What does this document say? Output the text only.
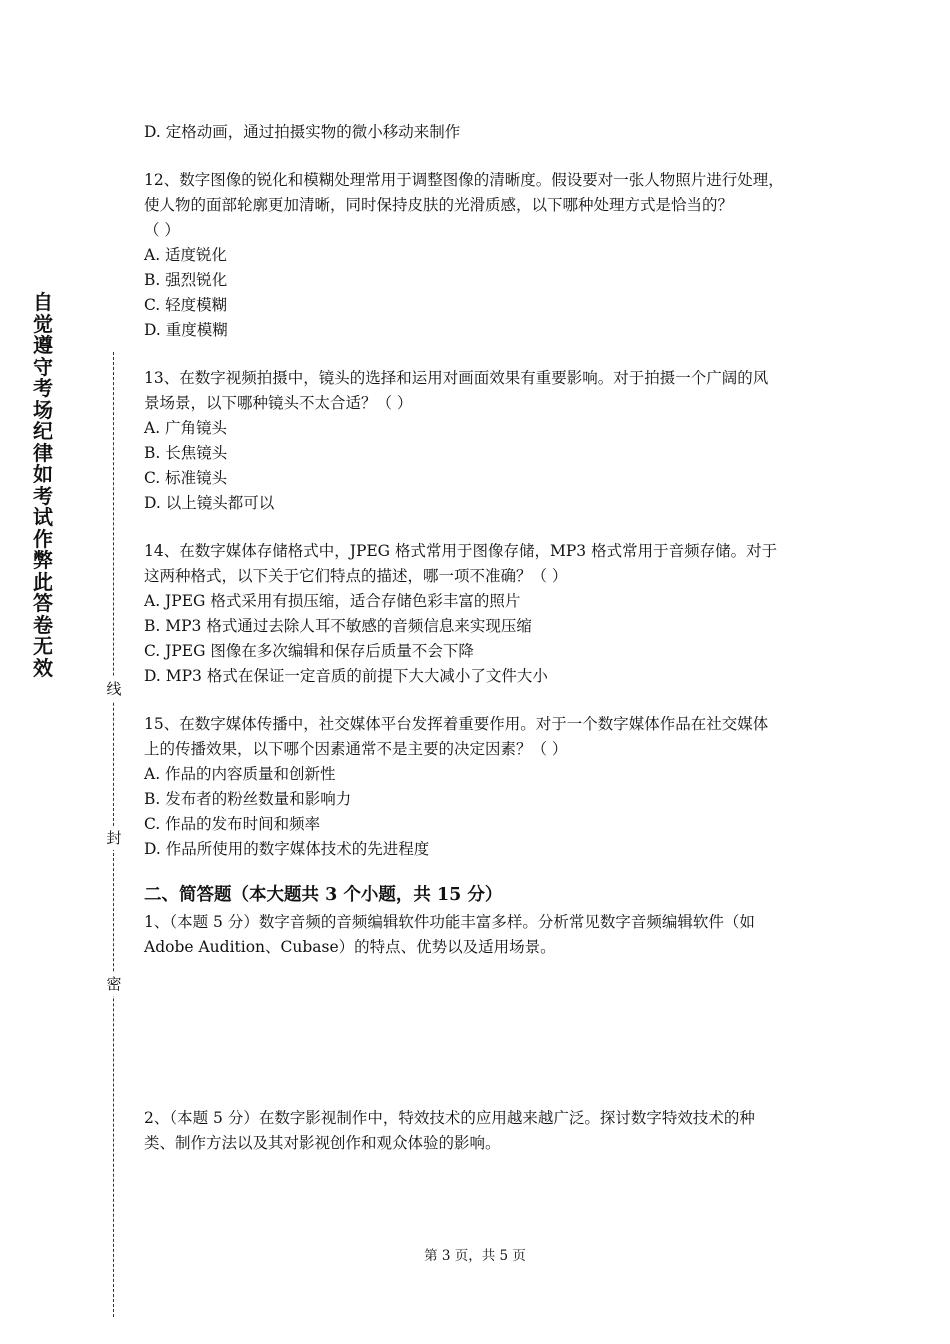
自觉遵守考场纪律如考试作弊此答卷无效
线
封
密
D. 定格动画，通过拍摄实物的微小移动来制作
12、数字图像的锐化和模糊处理常用于调整图像的清晰度。假设要对一张人物照片进行处理，
使人物的面部轮廓更加清晰，同时保持皮肤的光滑质感，以下哪种处理方式是恰当的？
（ ）
A. 适度锐化
B. 强烈锐化
C. 轻度模糊
D. 重度模糊
13、在数字视频拍摄中，镜头的选择和运用对画面效果有重要影响。对于拍摄一个广阔的风
景场景，以下哪种镜头不太合适？（ ）
A. 广角镜头
B. 长焦镜头
C. 标准镜头
D. 以上镜头都可以
14、在数字媒体存储格式中，JPEG 格式常用于图像存储，MP3 格式常用于音频存储。对于
这两种格式，以下关于它们特点的描述，哪一项不准确？（ ）
A. JPEG 格式采用有损压缩，适合存储色彩丰富的照片
B. MP3 格式通过去除人耳不敏感的音频信息来实现压缩
C. JPEG 图像在多次编辑和保存后质量不会下降
D. MP3 格式在保证一定音质的前提下大大减小了文件大小
15、在数字媒体传播中，社交媒体平台发挥着重要作用。对于一个数字媒体作品在社交媒体
上的传播效果，以下哪个因素通常不是主要的决定因素？（ ）
A. 作品的内容质量和创新性
B. 发布者的粉丝数量和影响力
C. 作品的发布时间和频率
D. 作品所使用的数字媒体技术的先进程度
二、简答题（本大题共 3 个小题，共 15 分）
1、（本题 5 分）数字音频的音频编辑软件功能丰富多样。分析常见数字音频编辑软件（如
Adobe Audition、Cubase）的特点、优势以及适用场景。
2、（本题 5 分）在数字影视制作中，特效技术的应用越来越广泛。探讨数字特效技术的种
类、制作方法以及其对影视创作和观众体验的影响。
第 3 页，共 5 页
